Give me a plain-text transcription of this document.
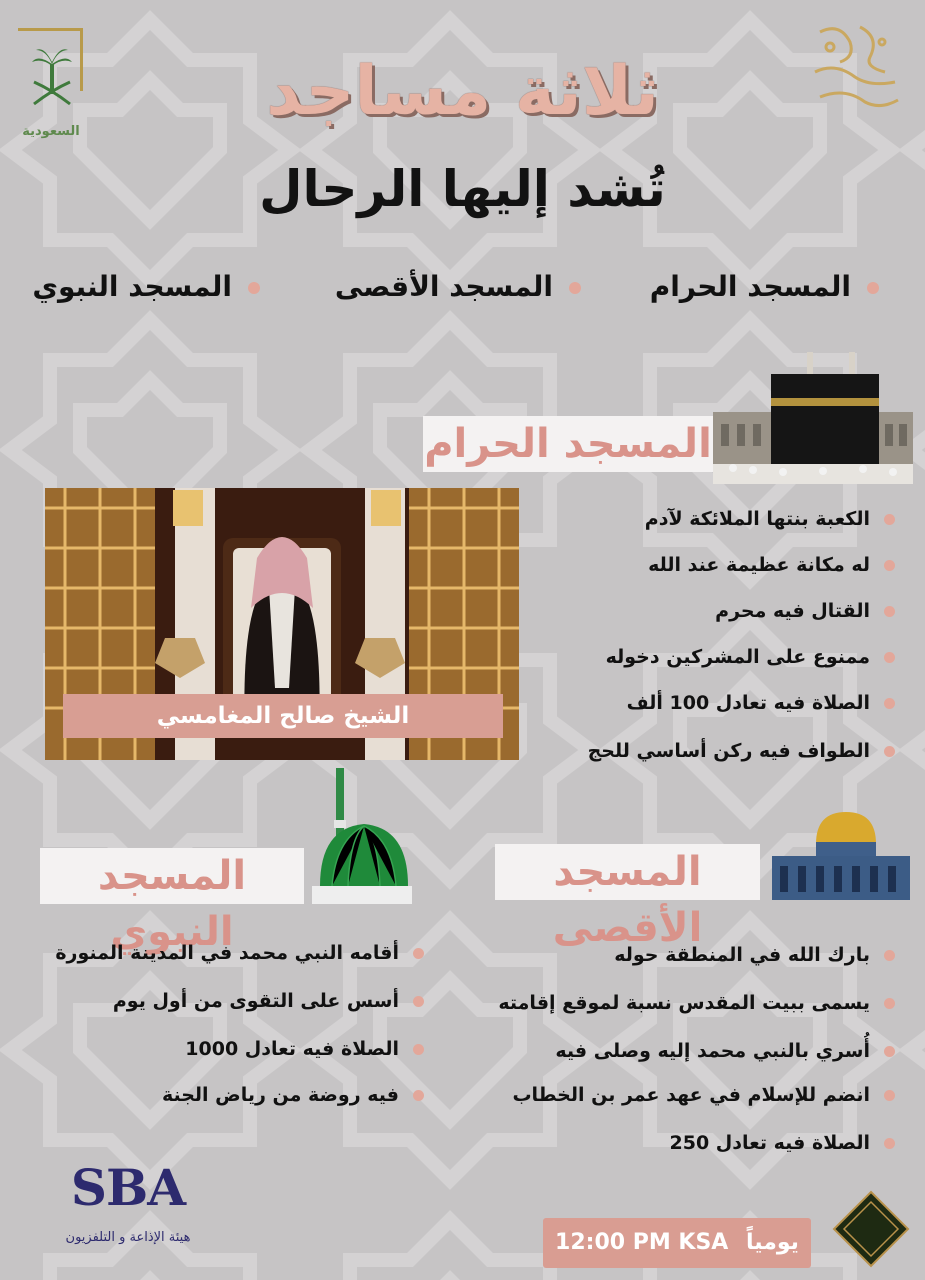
السعودية
ثلاثة مساجد
تُشد إليها الرحال
المسجد الحرام
المسجد الأقصى
المسجد النبوي
المسجد الحرام
الشيخ صالح المغامسي
الكعبة بنتها الملائكة لآدم
له مكانة عظيمة عند الله
القتال فيه محرم
ممنوع على المشركين دخوله
الصلاة فيه تعادل 100 ألف
الطواف فيه ركن أساسي للحج
المسجد النبوي
المسجد الأقصى
بارك الله في المنطقة حوله
يسمى ببيت المقدس نسبة لموقع إقامته
أُسري بالنبي محمد إليه وصلى فيه
انضم للإسلام في عهد عمر بن الخطاب
الصلاة فيه تعادل 250
أقامه النبي محمد في المدينة المنورة
أسس على التقوى من أول يوم
الصلاة فيه تعادل 1000
فيه روضة من رياض الجنة
SBA
هيئة الإذاعة و التلفزيون	12:00 PM KSA يومياً
